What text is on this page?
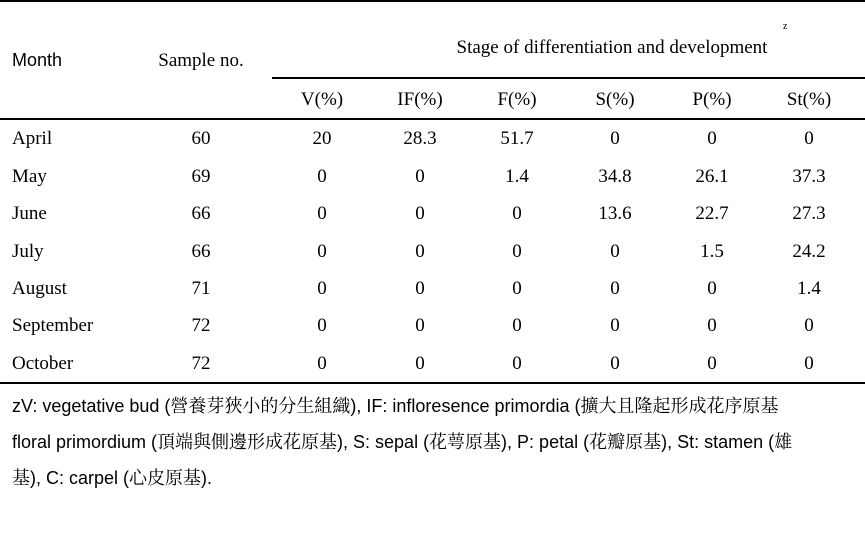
Month	Sample no.
Stage of differentiation and development
z
V(%)	IF(%)	F(%)	S(%)	P(%)	St(%)
April	60	20	28.3	51.7	0	0	0
May	69	0	0	1.4	34.8	26.1	37.3
June	66	0	0	0	13.6	22.7	27.3
July	66	0	0	0	0	1.5	24.2
August	71	0	0	0	0	0	1.4
September	72	0	0	0	0	0	0
October	72	0	0	0	0	0	0
zV: vegetative bud (營養芽狹小的分生組織), IF: infloresence primordia (擴大且隆起形成花序原基
floral primordium (頂端與側邊形成花原基), S: sepal (花萼原基), P: petal (花瓣原基), St: stamen (雄
基), C: carpel (心皮原基).
